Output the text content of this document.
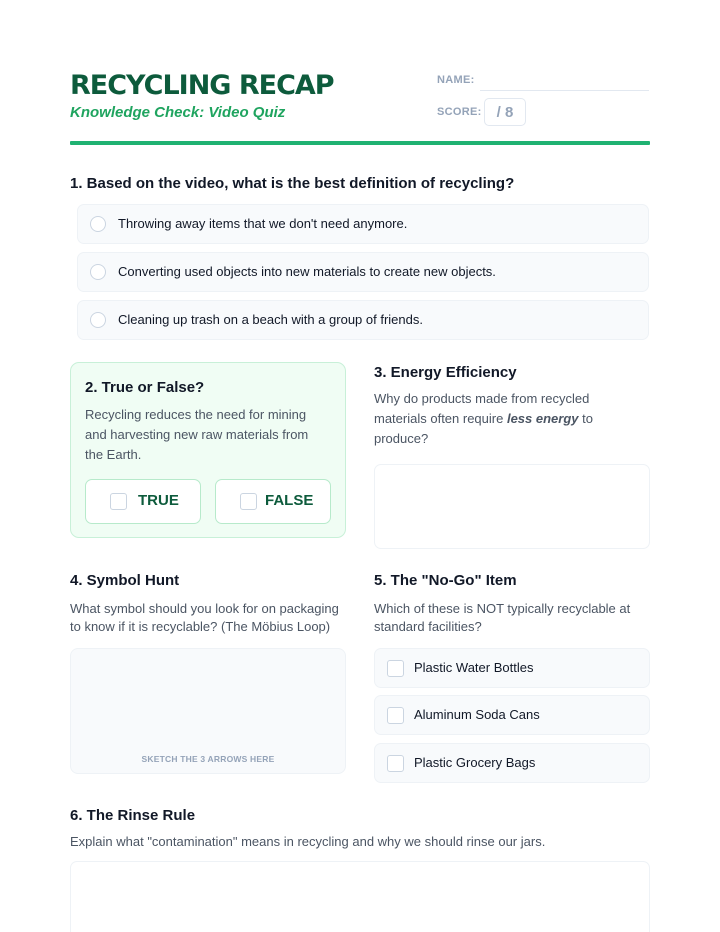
RECYCLING RECAP
Knowledge Check: Video Quiz
NAME:
SCORE: / 8
1. Based on the video, what is the best definition of recycling?
Throwing away items that we don't need anymore.
Converting used objects into new materials to create new objects.
Cleaning up trash on a beach with a group of friends.
2. True or False?
Recycling reduces the need for mining and harvesting new raw materials from the Earth.
TRUE	FALSE
3. Energy Efficiency
Why do products made from recycled materials often require less energy to produce?
4. Symbol Hunt
What symbol should you look for on packaging to know if it is recyclable? (The Möbius Loop)
SKETCH THE 3 ARROWS HERE
5. The "No-Go" Item
Which of these is NOT typically recyclable at standard facilities?
Plastic Water Bottles
Aluminum Soda Cans
Plastic Grocery Bags
6. The Rinse Rule
Explain what "contamination" means in recycling and why we should rinse our jars.
